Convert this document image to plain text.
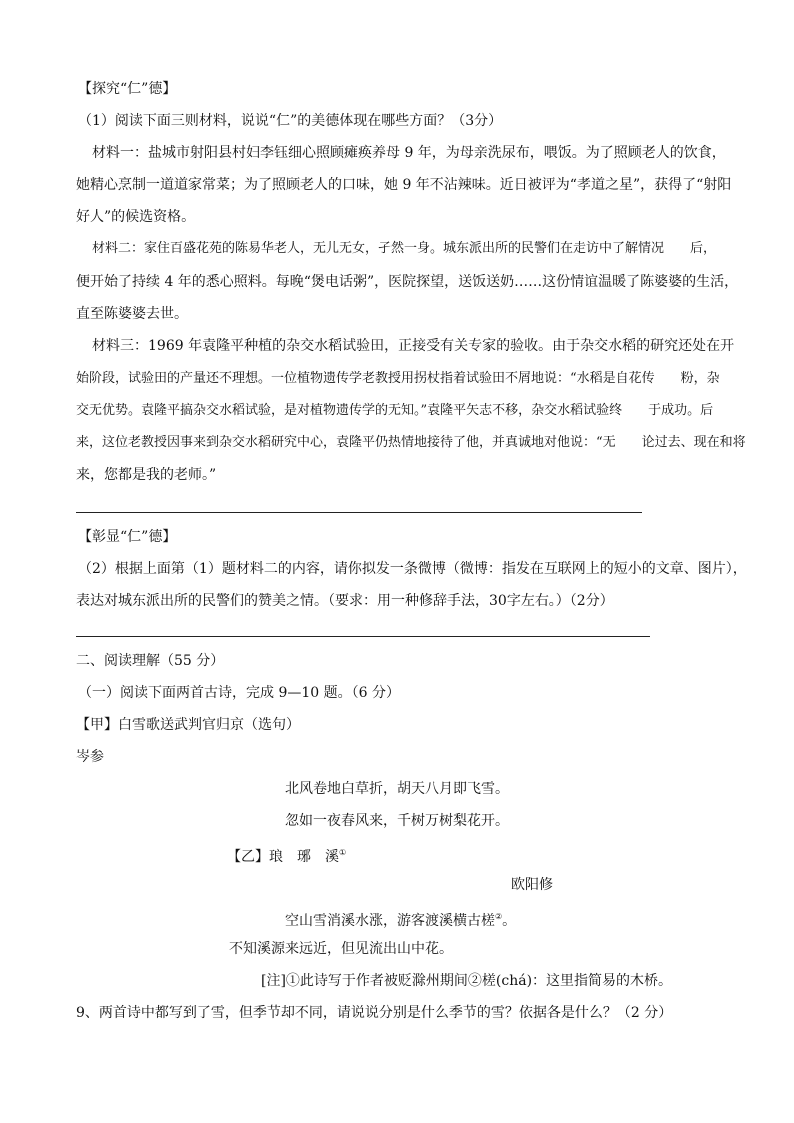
【探究“仁”德】
（1）阅读下面三则材料，说说“仁”的美德体现在哪些方面？（3分）
材料一：盐城市射阳县村妇李钰细心照顾瘫痪养母 9 年，为母亲洗尿布，喂饭。为了照顾老人的饮食，
她精心烹制一道道家常菜；为了照顾老人的口味，她 9 年不沾辣味。近日被评为“孝道之星”，获得了“射阳
好人”的候选资格。
材料二：家住百盛花苑的陈易华老人，无儿无女，孑然一身。城东派出所的民警们在走访中了解情况　　后，
便开始了持续 4 年的悉心照料。每晚“煲电话粥”，医院探望，送饭送奶……这份情谊温暖了陈婆婆的生活，
直至陈婆婆去世。
材料三：1969 年袁隆平种植的杂交水稻试验田，正接受有关专家的验收。由于杂交水稻的研究还处在开
始阶段，试验田的产量还不理想。一位植物遗传学老教授用拐杖指着试验田不屑地说：“水稻是自花传　　粉，杂
交无优势。袁隆平搞杂交水稻试验，是对植物遗传学的无知。”袁隆平矢志不移，杂交水稻试验终　　于成功。后
来，这位老教授因事来到杂交水稻研究中心，袁隆平仍热情地接待了他，并真诚地对他说：“无　　论过去、现在和将
来，您都是我的老师。”
【彰显“仁”德】
（2）根据上面第（1）题材料二的内容，请你拟发一条微博（微博：指发在互联网上的短小的文章、图片），
表达对城东派出所的民警们的赞美之情。（要求：用一种修辞手法，30字左右。）（2分）
二、阅读理解（55 分）
（一）阅读下面两首古诗，完成 9—10 题。（6 分）
【甲】白雪歌送武判官归京（选句）
岑参
北风卷地白草折，胡天八月即飞雪。
忽如一夜春风来，千树万树梨花开。
【乙】琅　琊　溪①
欧阳修
空山雪消溪水涨，游客渡溪横古槎②。
不知溪源来远近，但见流出山中花。
[注]①此诗写于作者被贬滁州期间②槎(chá)：这里指简易的木桥。
9、两首诗中都写到了雪，但季节却不同，请说说分别是什么季节的雪？依据各是什么？（2 分）
